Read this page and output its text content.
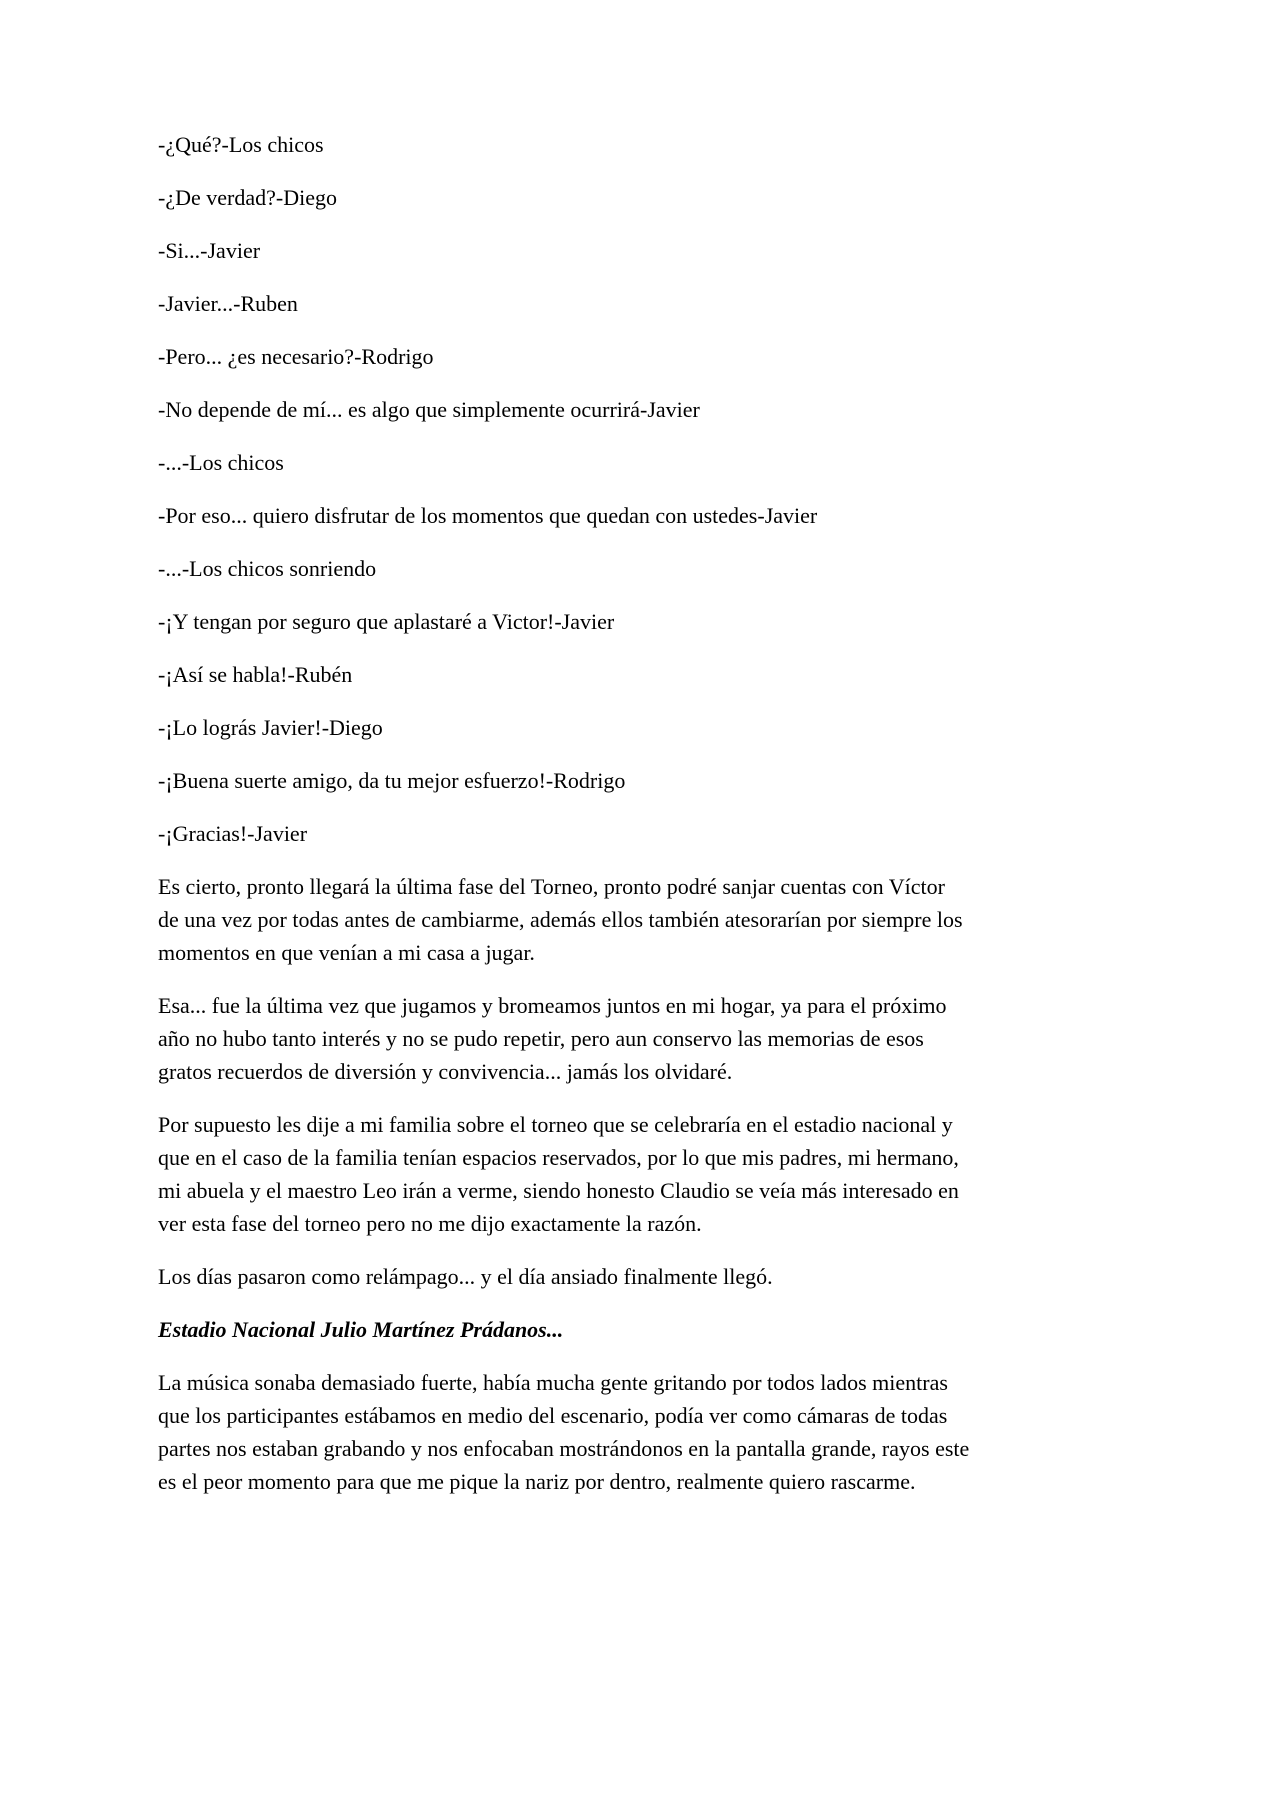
-¿Qué?-Los chicos

-¿De verdad?-Diego

-Si...-Javier

-Javier...-Ruben

-Pero... ¿es necesario?-Rodrigo

-No depende de mí... es algo que simplemente ocurrirá-Javier

-...-Los chicos

-Por eso... quiero disfrutar de los momentos que quedan con ustedes-Javier

-...-Los chicos sonriendo

-¡Y tengan por seguro que aplastaré a Victor!-Javier

-¡Así se habla!-Rubén

-¡Lo lográs Javier!-Diego

-¡Buena suerte amigo, da tu mejor esfuerzo!-Rodrigo

-¡Gracias!-Javier

Es cierto, pronto llegará la última fase del Torneo, pronto podré sanjar cuentas con Víctor de una vez por todas antes de cambiarme, además ellos también atesorarían por siempre los momentos en que venían a mi casa a jugar.

Esa... fue la última vez que jugamos y bromeamos juntos en mi hogar, ya para el próximo año no hubo tanto interés y no se pudo repetir, pero aun conservo las memorias de esos gratos recuerdos de diversión y convivencia... jamás los olvidaré.

Por supuesto les dije a mi familia sobre el torneo que se celebraría en el estadio nacional y que en el caso de la familia tenían espacios reservados, por lo que mis padres, mi hermano, mi abuela y el maestro Leo irán a verme, siendo honesto Claudio se veía más interesado en ver esta fase del torneo pero no me dijo exactamente la razón.

Los días pasaron como relámpago... y el día ansiado finalmente llegó.

Estadio Nacional Julio Martínez Prádanos...

La música sonaba demasiado fuerte, había mucha gente gritando por todos lados mientras que los participantes estábamos en medio del escenario, podía ver como cámaras de todas partes nos estaban grabando y nos enfocaban mostrándonos en la pantalla grande, rayos este es el peor momento para que me pique la nariz por dentro, realmente quiero rascarme.
